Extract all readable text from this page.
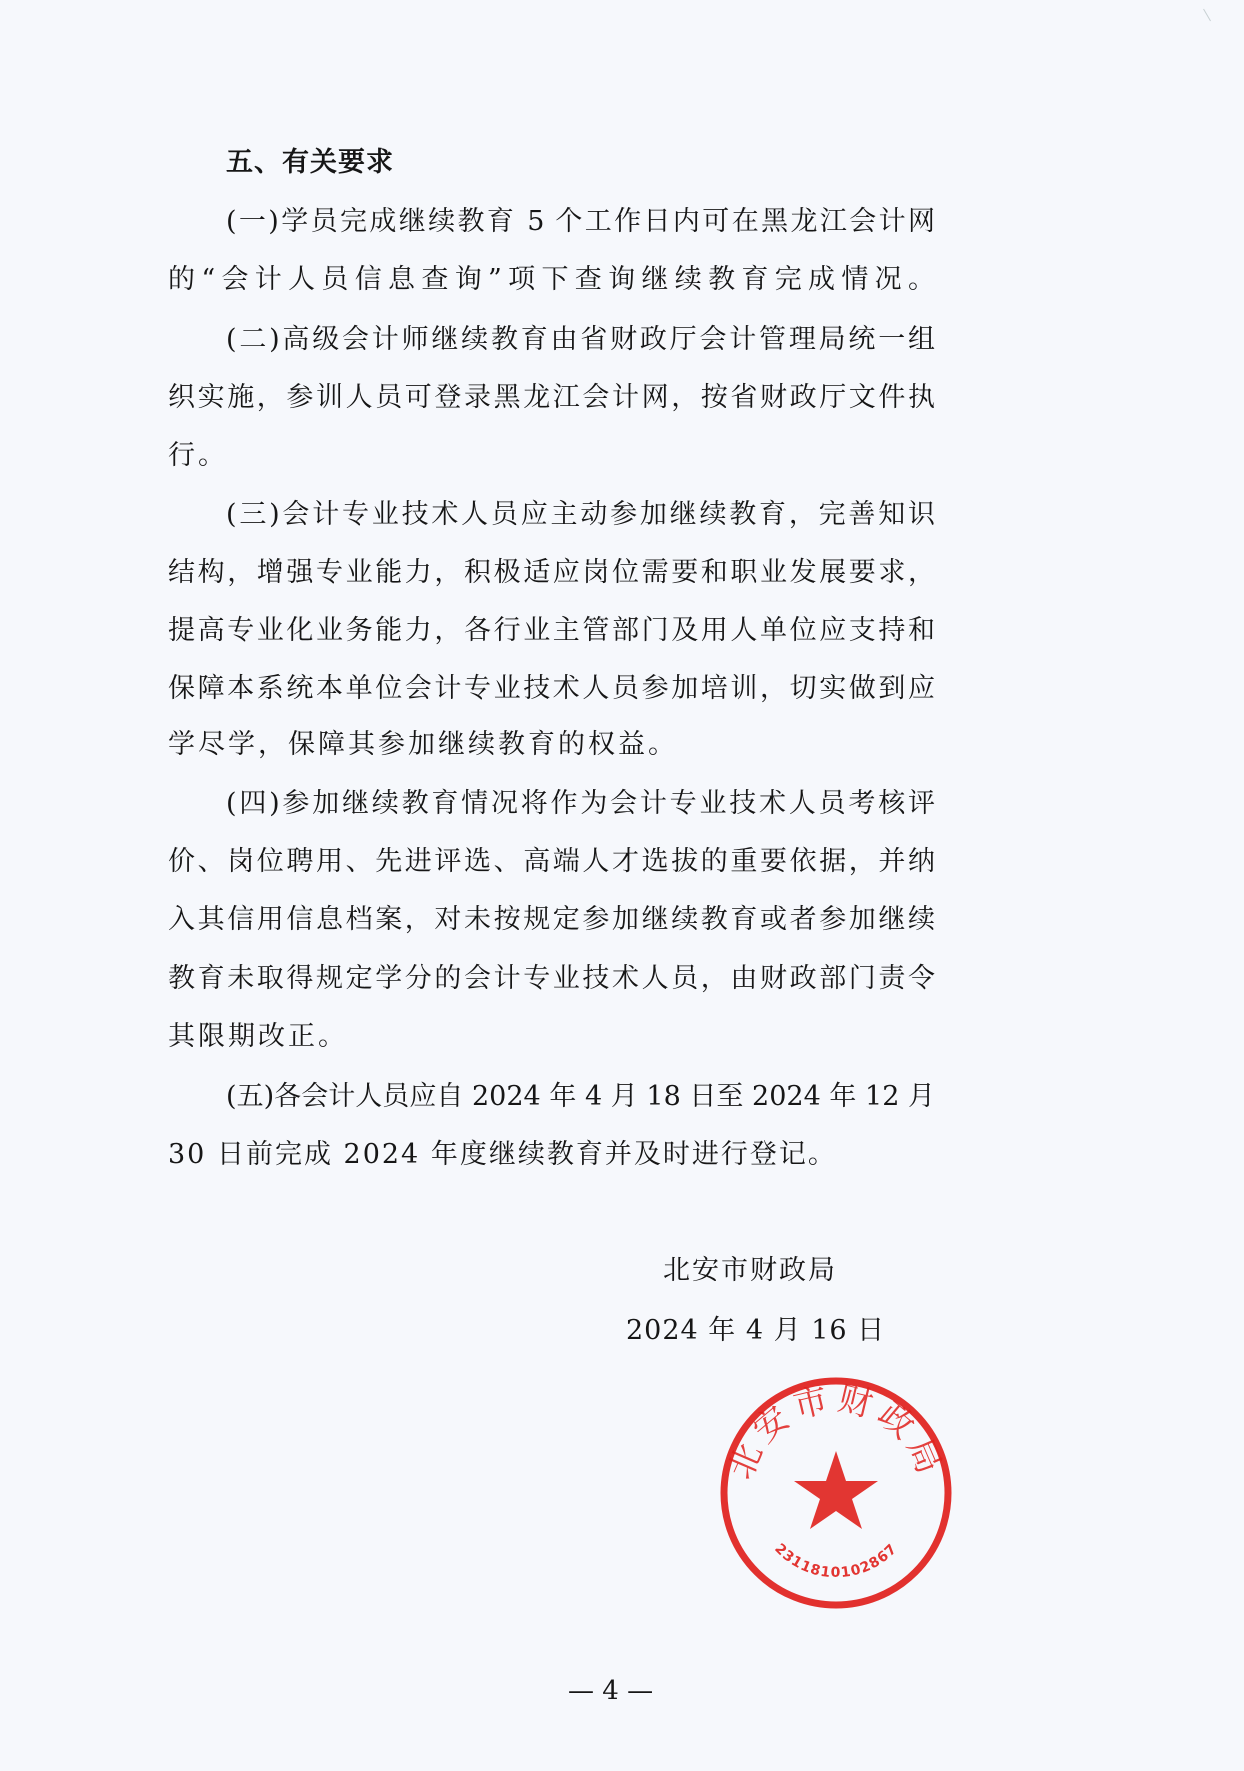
五、有关要求
(一)学员完成继续教育 5 个工作日内可在黑龙江会计网
的“会计人员信息查询”项下查询继续教育完成情况。
(二)高级会计师继续教育由省财政厅会计管理局统一组
织实施，参训人员可登录黑龙江会计网，按省财政厅文件执
行。
(三)会计专业技术人员应主动参加继续教育，完善知识
结构，增强专业能力，积极适应岗位需要和职业发展要求，
提高专业化业务能力，各行业主管部门及用人单位应支持和
保障本系统本单位会计专业技术人员参加培训，切实做到应
学尽学，保障其参加继续教育的权益。
(四)参加继续教育情况将作为会计专业技术人员考核评
价、岗位聘用、先进评选、高端人才选拔的重要依据，并纳
入其信用信息档案，对未按规定参加继续教育或者参加继续
教育未取得规定学分的会计专业技术人员，由财政部门责令
其限期改正。
(五)各会计人员应自 2024 年 4 月 18 日至 2024 年 12 月
30 日前完成 2024 年度继续教育并及时进行登记。
北安市财政局
2311810102867
北安市财政局
2024 年 4 月 16 日
— 4 —
